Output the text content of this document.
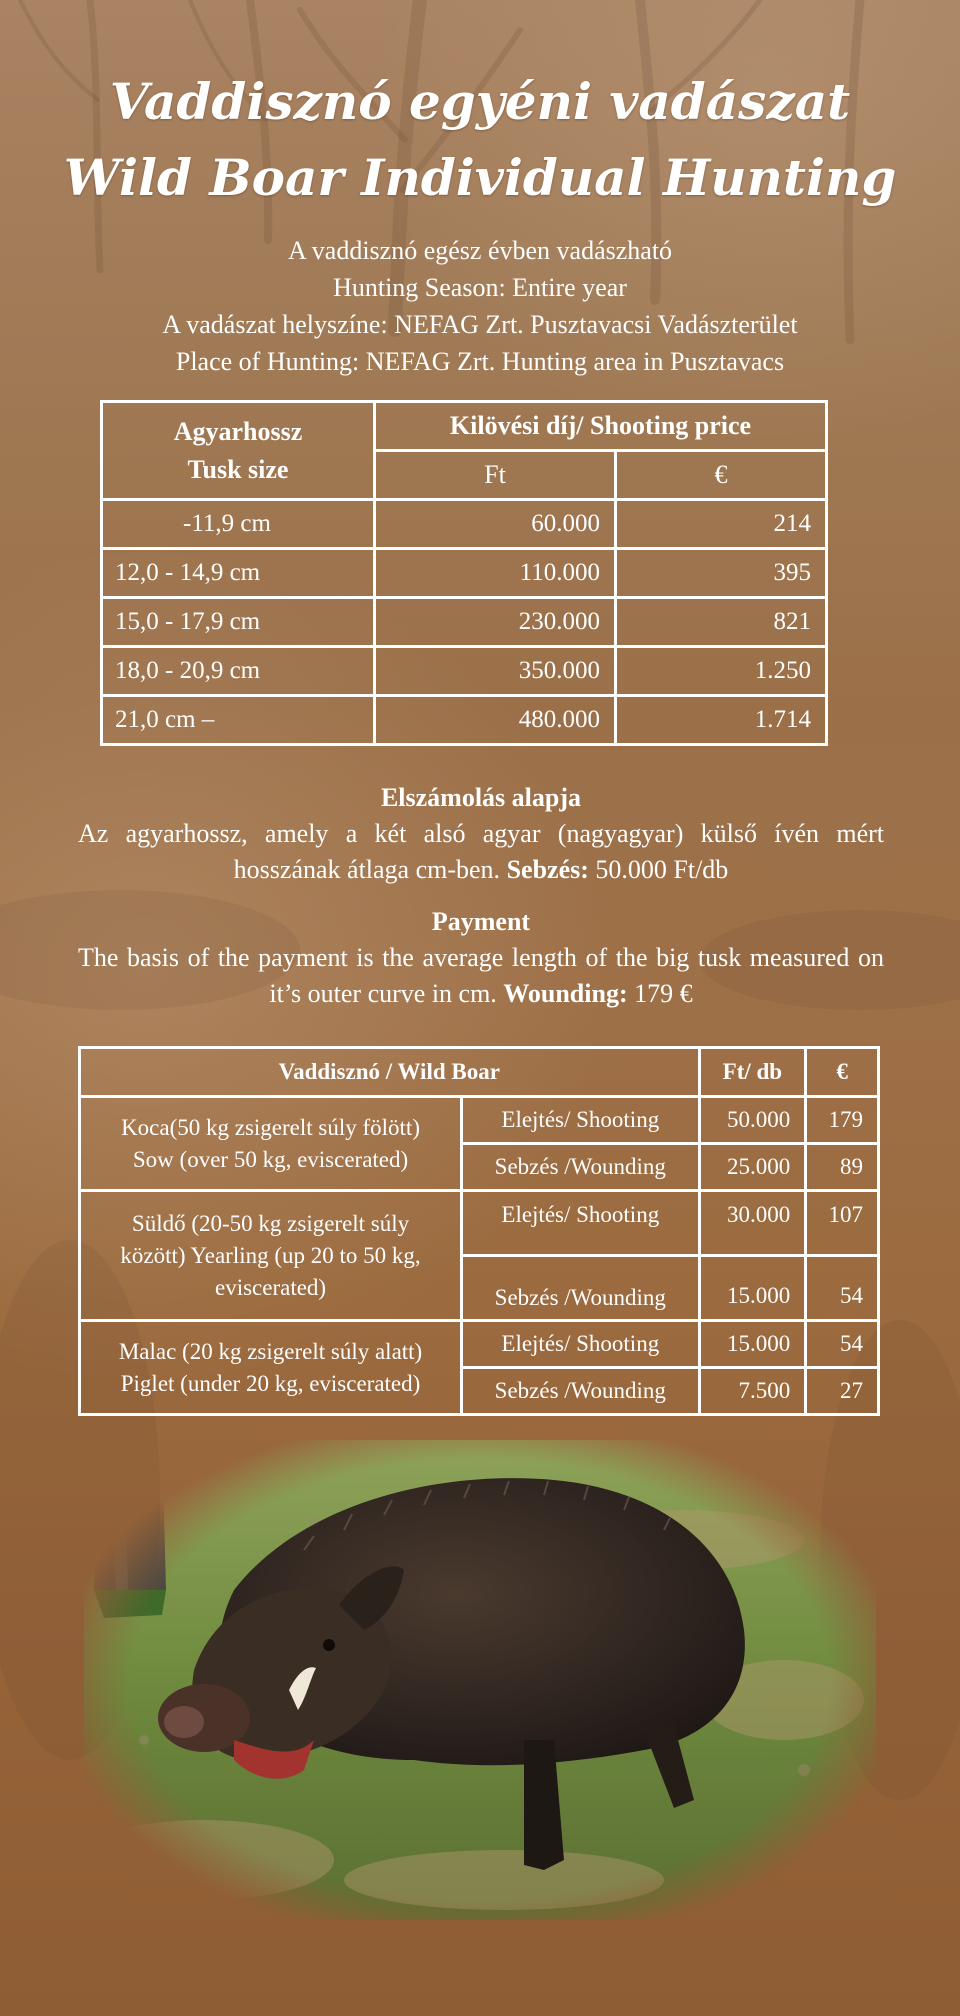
Vaddisznó egyéni vadászat
Wild Boar Individual Hunting
A vaddisznó egész évben vadászható
Hunting Season: Entire year
A vadászat helyszíne: NEFAG Zrt. Pusztavacsi Vadászterület
Place of Hunting: NEFAG Zrt. Hunting area in Pusztavacs
Agyarhossz
Tusk size	Kilövési díj/ Shooting price	
	Ft	€
-11,9 cm	60.000	214
12,0 - 14,9 cm	110.000	395
15,0 - 17,9 cm	230.000	821
18,0 - 20,9 cm	350.000	1.250
21,0 cm –	480.000	1.714
Elszámolás alapja
Az agyarhossz, amely a két alsó agyar (nagyagyar) külső ívén mért hosszának átlaga cm-ben. Sebzés: 50.000 Ft/db
Payment
The basis of the payment is the average length of the big tusk measured on it’s outer curve in cm. Wounding: 179 €
Vaddisznó / Wild Boar		Ft/ db	€

Koca(50 kg zsigerelt súly fölött)
Sow (over 50 kg, eviscerated)	Elejtés/ Shooting	50.000	179
	Sebzés /Wounding	25.000	89

Süldő (20-50 kg zsigerelt súly
között) Yearling (up 20 to 50 kg,
eviscerated)	Elejtés/ Shooting	30.000	107
	Sebzés /Wounding	15.000	54

Malac (20 kg zsigerelt súly alatt)
Piglet (under 20 kg, eviscerated)	Elejtés/ Shooting	15.000	54
	Sebzés /Wounding	7.500	27
